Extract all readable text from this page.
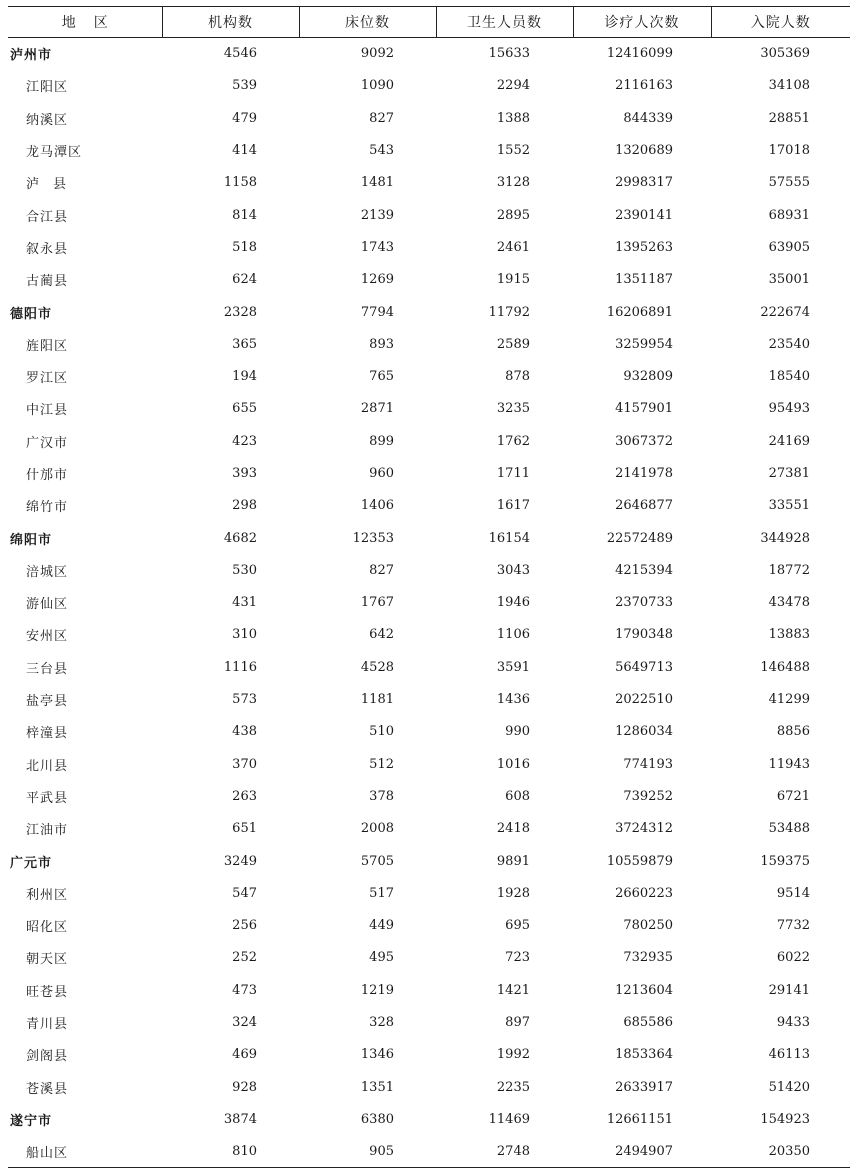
地区	机构数	床位数	卫生人员数	诊疗人次数	入院人数
泸州市	4546	9092	15633	12416099	305369
江阳区	539	1090	2294	2116163	34108
纳溪区	479	827	1388	844339	28851
龙马潭区	414	543	1552	1320689	17018
泸县	1158	1481	3128	2998317	57555
合江县	814	2139	2895	2390141	68931
叙永县	518	1743	2461	1395263	63905
古蔺县	624	1269	1915	1351187	35001
德阳市	2328	7794	11792	16206891	222674
旌阳区	365	893	2589	3259954	23540
罗江区	194	765	878	932809	18540
中江县	655	2871	3235	4157901	95493
广汉市	423	899	1762	3067372	24169
什邡市	393	960	1711	2141978	27381
绵竹市	298	1406	1617	2646877	33551
绵阳市	4682	12353	16154	22572489	344928
涪城区	530	827	3043	4215394	18772
游仙区	431	1767	1946	2370733	43478
安州区	310	642	1106	1790348	13883
三台县	1116	4528	3591	5649713	146488
盐亭县	573	1181	1436	2022510	41299
梓潼县	438	510	990	1286034	8856
北川县	370	512	1016	774193	11943
平武县	263	378	608	739252	6721
江油市	651	2008	2418	3724312	53488
广元市	3249	5705	9891	10559879	159375
利州区	547	517	1928	2660223	9514
昭化区	256	449	695	780250	7732
朝天区	252	495	723	732935	6022
旺苍县	473	1219	1421	1213604	29141
青川县	324	328	897	685586	9433
剑阁县	469	1346	1992	1853364	46113
苍溪县	928	1351	2235	2633917	51420
遂宁市	3874	6380	11469	12661151	154923
船山区	810	905	2748	2494907	20350
